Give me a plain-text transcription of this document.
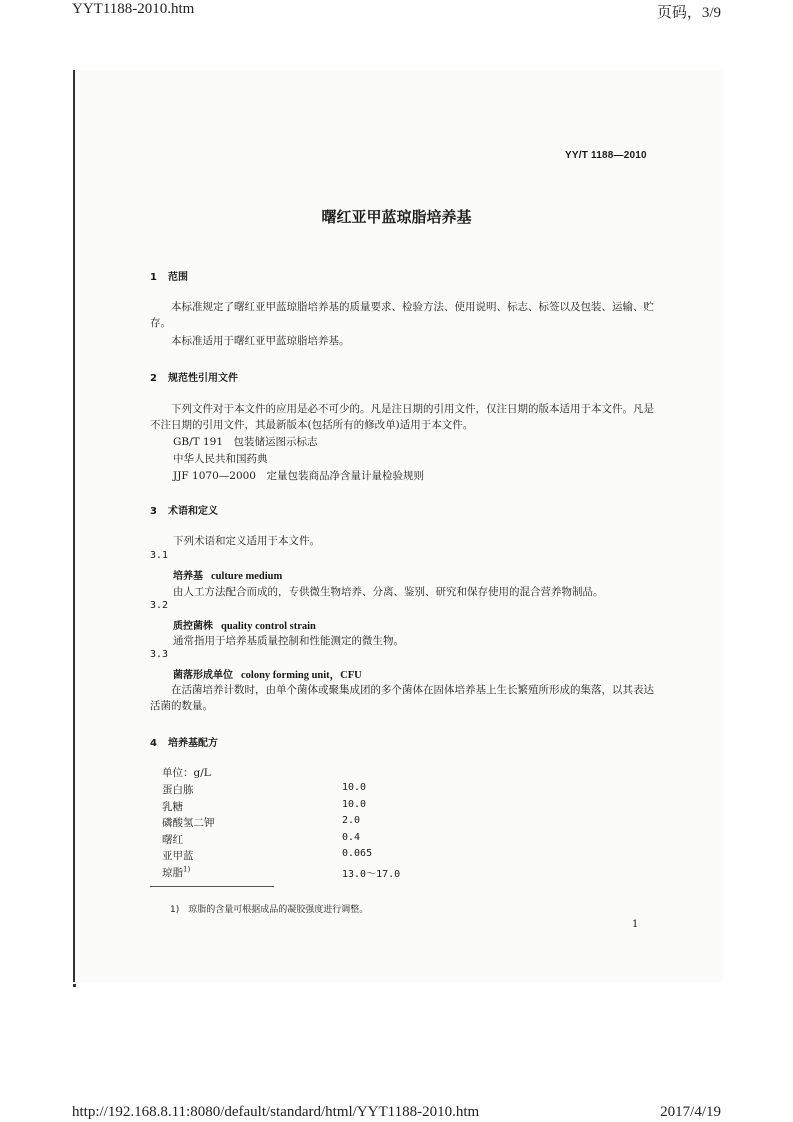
YYT1188-2010.htm	页码，3/9
YY/T 1188—2010
曙红亚甲蓝琼脂培养基
1 范围
本标准规定了曙红亚甲蓝琼脂培养基的质量要求、检验方法、使用说明、标志、标签以及包装、运输、贮存。
本标准适用于曙红亚甲蓝琼脂培养基。
2 规范性引用文件
下列文件对于本文件的应用是必不可少的。凡是注日期的引用文件，仅注日期的版本适用于本文件。凡是不注日期的引用文件，其最新版本(包括所有的修改单)适用于本文件。
GB/T 191　包装储运图示标志
中华人民共和国药典
JJF 1070—2000　定量包装商品净含量计量检验规则
3 术语和定义
下列术语和定义适用于本文件。
3.1
培养基 culture medium
由人工方法配合而成的，专供微生物培养、分离、鉴别、研究和保存使用的混合营养物制品。
3.2
质控菌株 quality control strain
通常指用于培养基质量控制和性能测定的微生物。
3.3
菌落形成单位 colony forming unit，CFU
在活菌培养计数时，由单个菌体或聚集成团的多个菌体在固体培养基上生长繁殖所形成的集落，以其表达活菌的数量。
4 培养基配方
单位：g/L
蛋白胨	10.0
乳糖	10.0
磷酸氢二钾	2.0
曙红	0.4
亚甲蓝	0.065
琼脂$^{1)}$	13.0～17.0
1)　琼脂的含量可根据成品的凝胶强度进行调整。
1
http://192.168.8.11:8080/default/standard/html/YYT1188-2010.htm	2017/4/19
